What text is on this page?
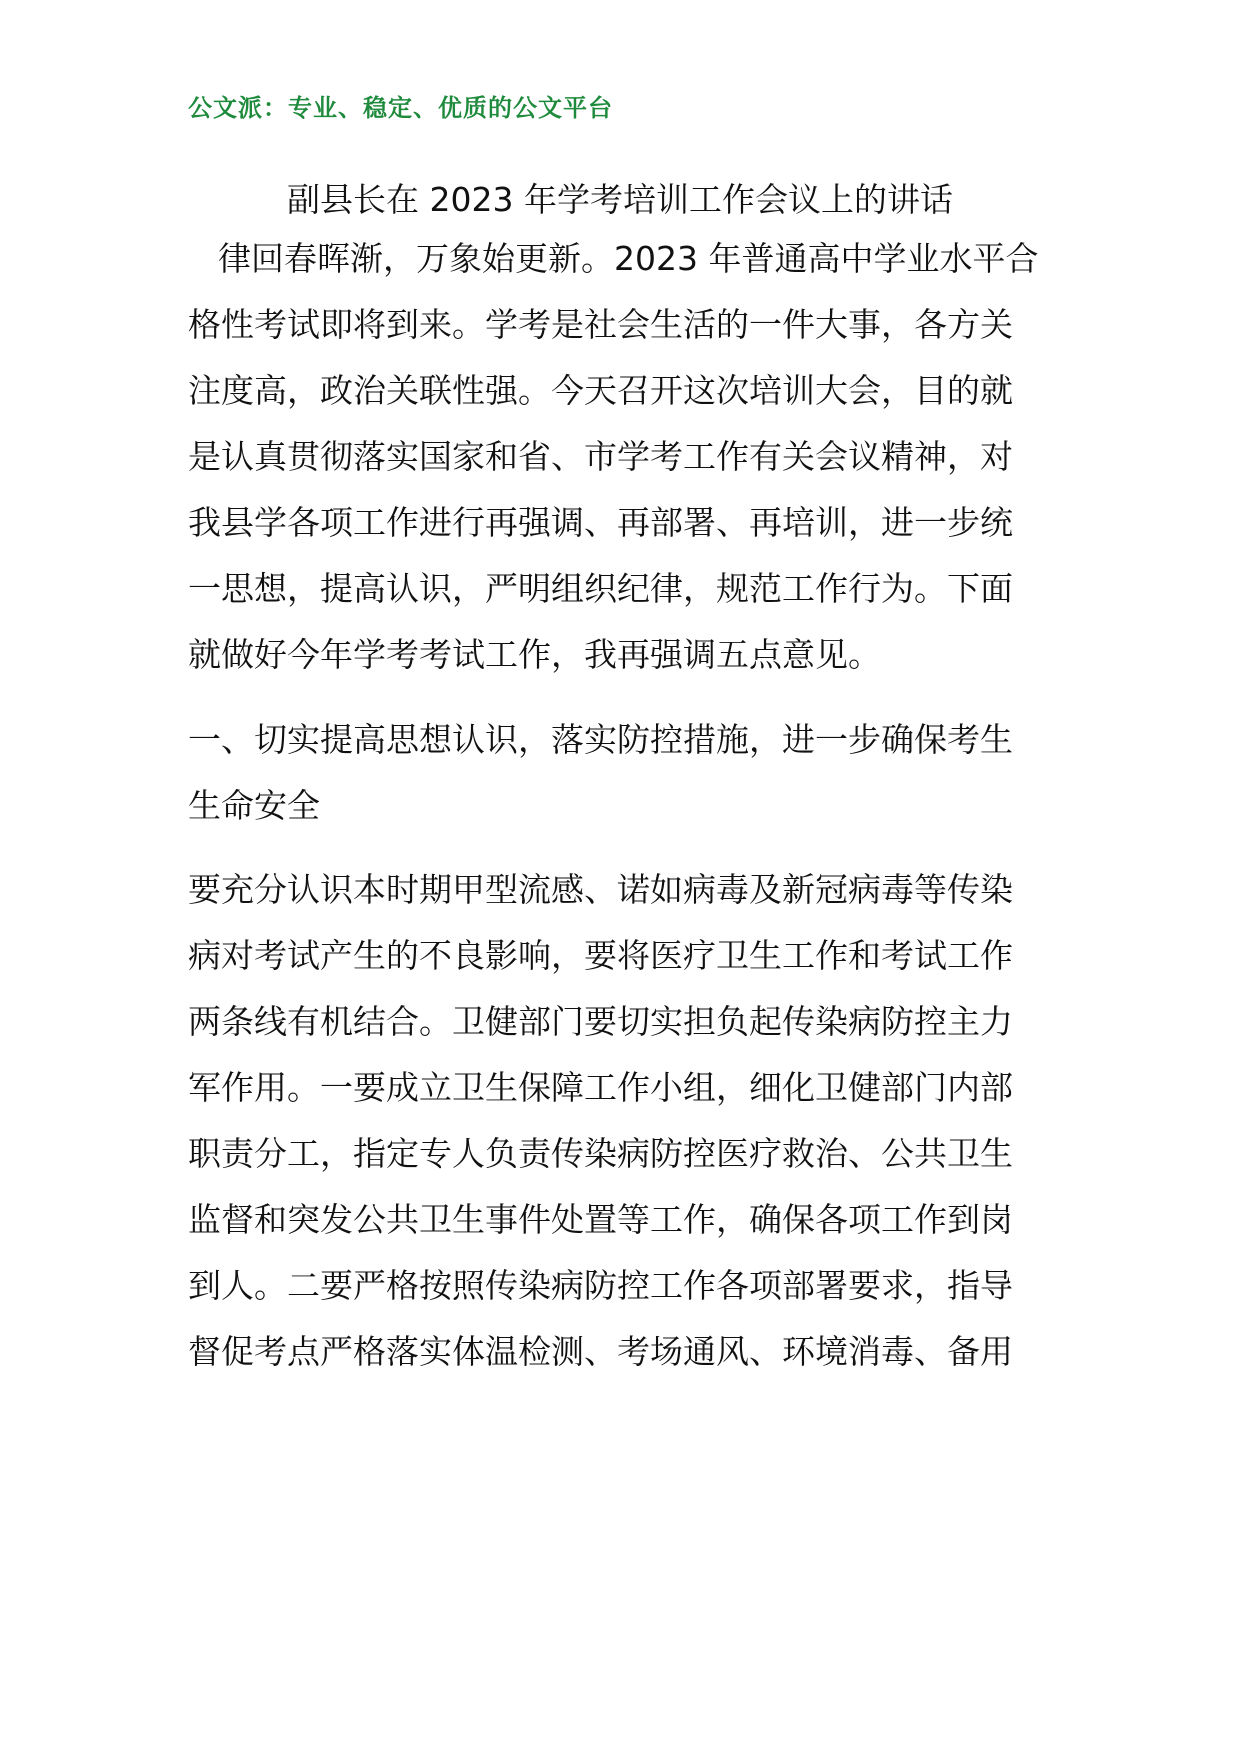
公文派：专业、稳定、优质的公文平台
副县长在 2023 年学考培训工作会议上的讲话
律回春晖渐，万象始更新。2023 年普通高中学业水平合
格性考试即将到来。学考是社会生活的一件大事，各方关
注度高，政治关联性强。今天召开这次培训大会，目的就
是认真贯彻落实国家和省、市学考工作有关会议精神，对
我县学各项工作进行再强调、再部署、再培训，进一步统
一思想，提高认识，严明组织纪律，规范工作行为。下面
就做好今年学考考试工作，我再强调五点意见。
一、切实提高思想认识，落实防控措施，进一步确保考生
生命安全
要充分认识本时期甲型流感、诺如病毒及新冠病毒等传染
病对考试产生的不良影响，要将医疗卫生工作和考试工作
两条线有机结合。卫健部门要切实担负起传染病防控主力
军作用。一要成立卫生保障工作小组，细化卫健部门内部
职责分工，指定专人负责传染病防控医疗救治、公共卫生
监督和突发公共卫生事件处置等工作，确保各项工作到岗
到人。二要严格按照传染病防控工作各项部署要求，指导
督促考点严格落实体温检测、考场通风、环境消毒、备用
